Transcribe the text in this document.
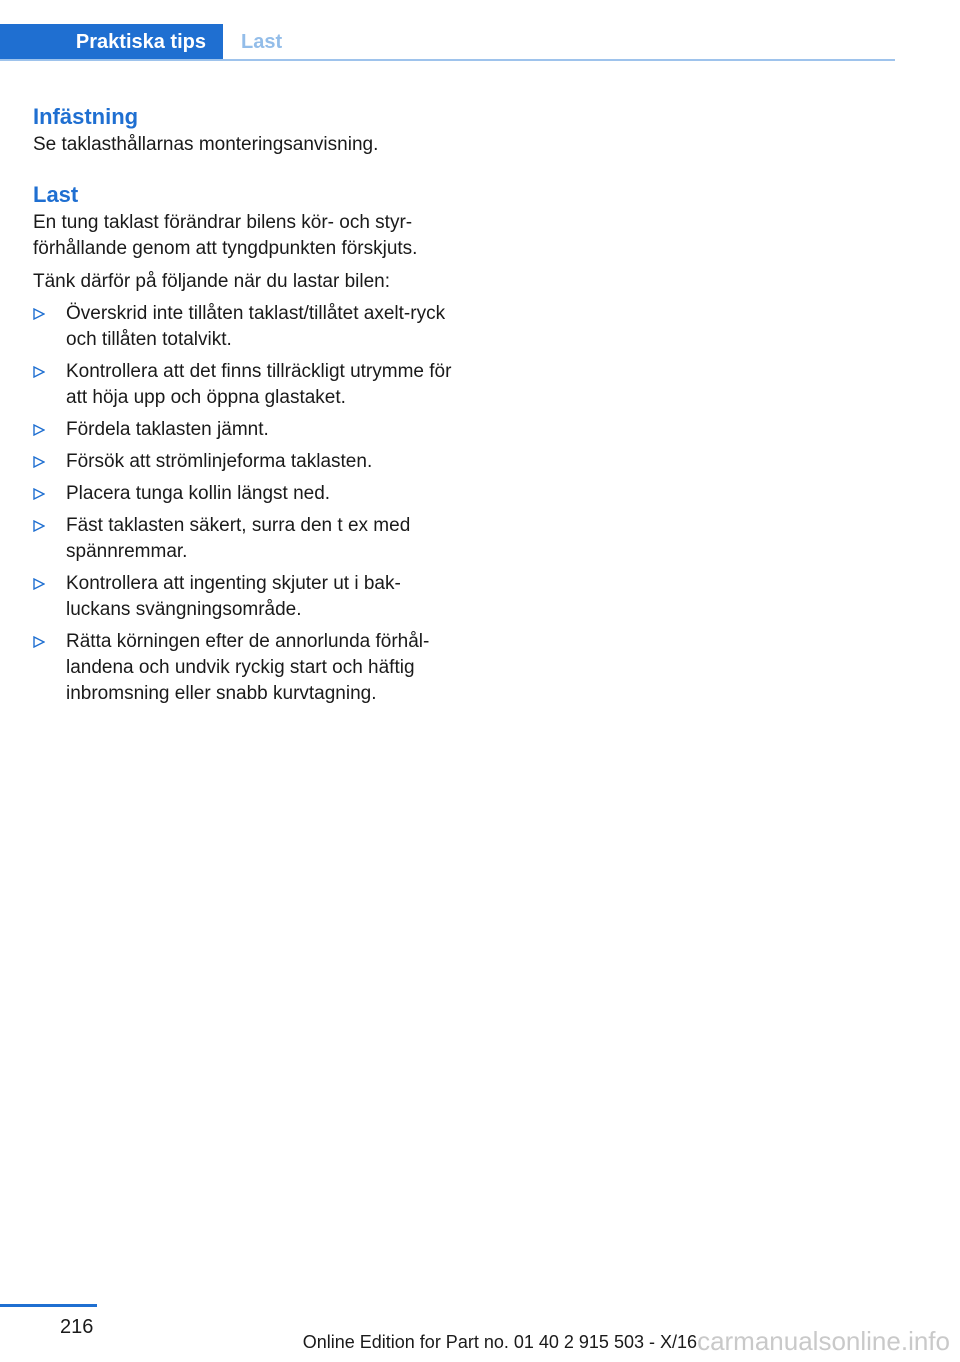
Praktiska tips Last
Infästning

Se taklasthållarnas monteringsanvisning.

Last

En tung taklast förändrar bilens kör- och styr-förhållande genom att tyngdpunkten förskjuts.

Tänk därför på följande när du lastar bilen:

Överskrid inte tillåten taklast/tillåtet axelt-ryck och tillåten totalvikt.
Kontrollera att det finns tillräckligt utrymme för att höja upp och öppna glastaket.
Fördela taklasten jämnt.
Försök att strömlinjeforma taklasten.
Placera tunga kollin längst ned.
Fäst taklasten säkert, surra den t ex med spännremmar.
Kontrollera att ingenting skjuter ut i bak-luckans svängningsområde.
Rätta körningen efter de annorlunda förhål-landena och undvik ryckig start och häftig inbromsning eller snabb kurvtagning.
216	carmanualsonline.info
Online Edition for Part no. 01 40 2 915 503 - X/16
